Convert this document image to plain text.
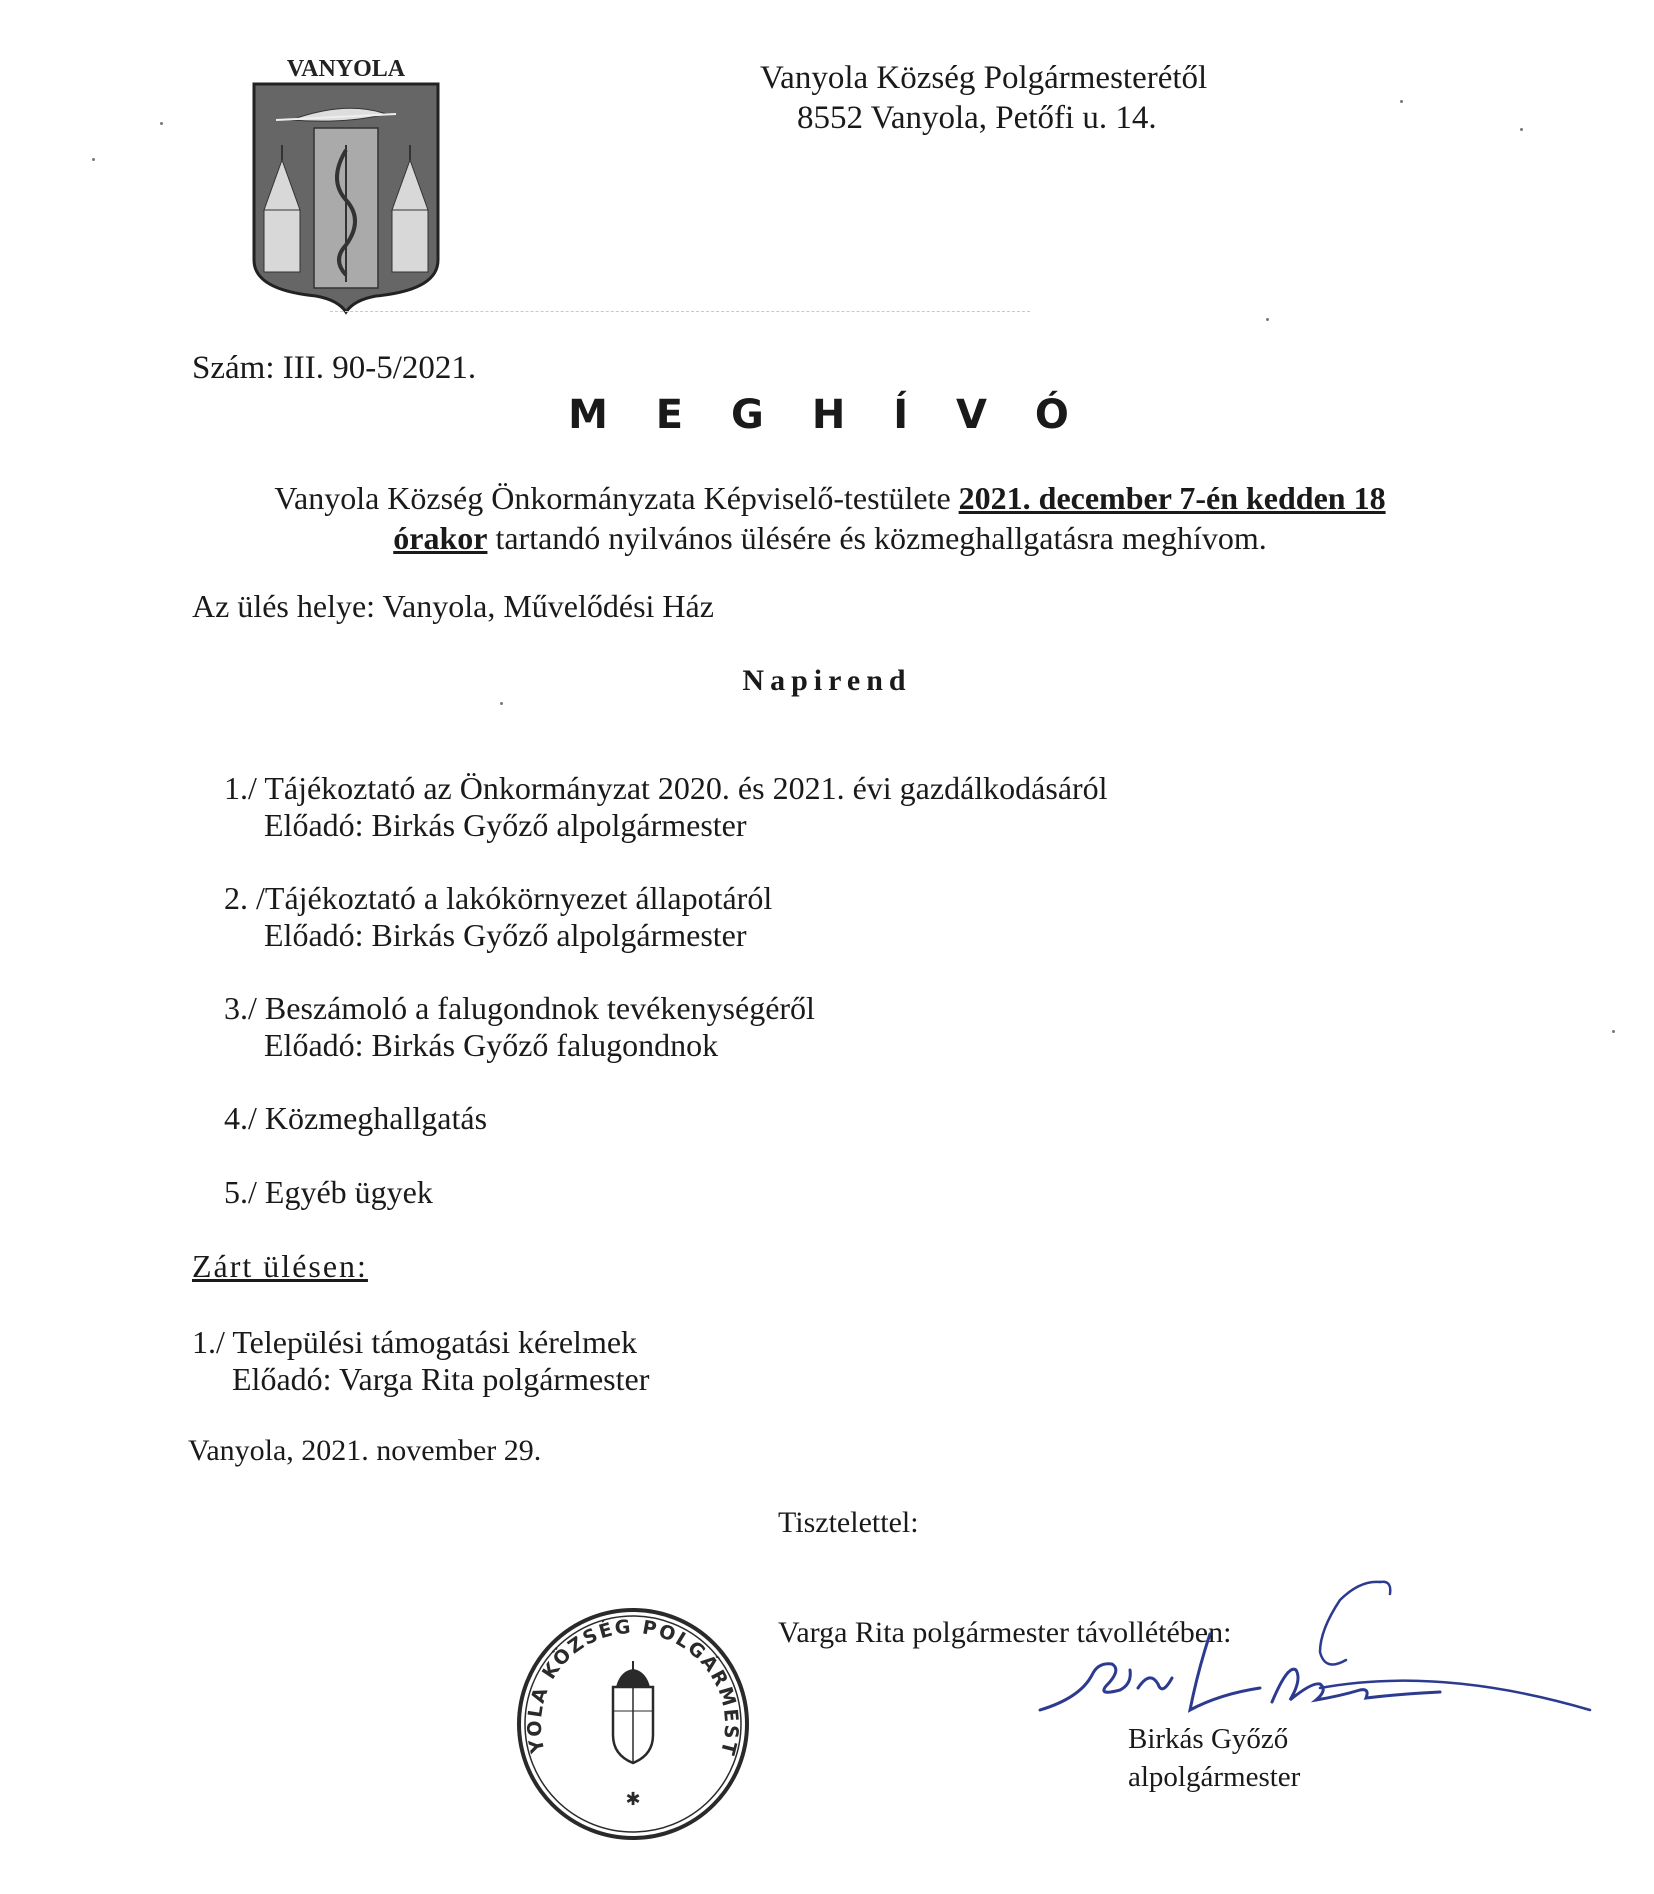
VANYOLA	Vanyola Község Polgármesterétől
8552 Vanyola, Petőfi u. 14.
Szám: III. 90-5/2021.
M E G H Í V Ó
Vanyola Község Önkormányzata Képviselő-testülete 2021. december 7-én kedden 18 órakor tartandó nyilvános ülésére és közmeghallgatásra meghívom.
Az ülés helye: Vanyola, Művelődési Ház
Napirend
1./ Tájékoztató az Önkormányzat 2020. és 2021. évi gazdálkodásáról
Előadó: Birkás Győző alpolgármester
2. /Tájékoztató a lakókörnyezet állapotáról
Előadó: Birkás Győző alpolgármester
3./ Beszámoló a falugondnok tevékenységéről
Előadó: Birkás Győző falugondnok
4./ Közmeghallgatás
5./ Egyéb ügyek
Zárt ülésen:
1./ Települési támogatási kérelmek
Előadó: Varga Rita polgármester
Vanyola, 2021. november 29.
Tisztelettel:
Varga Rita polgármester távollétében:
YOLA KÖZSÉG POLGÁRMEST
✱
Birkás Győző
alpolgármester
